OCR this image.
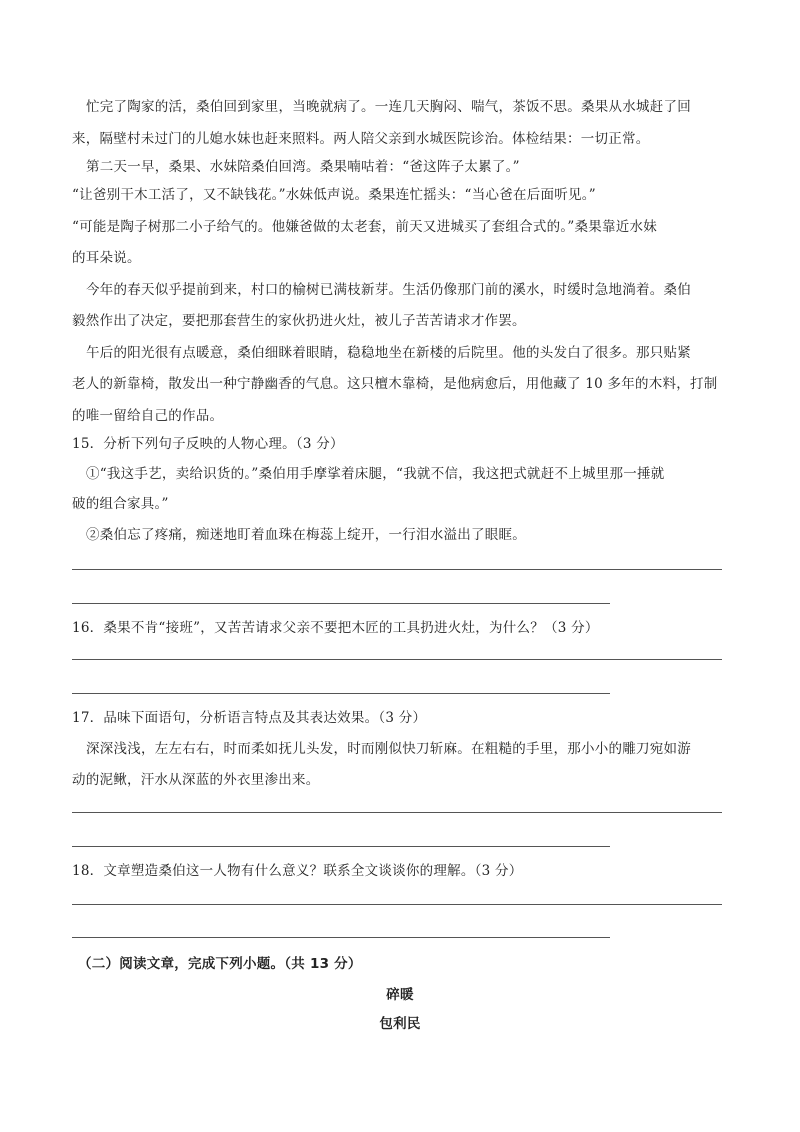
忙完了陶家的活，桑伯回到家里，当晚就病了。一连几天胸闷、喘气，茶饭不思。桑果从水城赶了回
来，隔壁村未过门的儿媳水妹也赶来照料。两人陪父亲到水城医院诊治。体检结果：一切正常。
第二天一早，桑果、水妹陪桑伯回湾。桑果喃咕着：“爸这阵子太累了。”
“让爸别干木工活了，又不缺钱花。”水妹低声说。桑果连忙摇头：“当心爸在后面听见。”
“可能是陶子树那二小子给气的。他嫌爸做的太老套，前天又进城买了套组合式的。”桑果靠近水妹
的耳朵说。
今年的春天似乎提前到来，村口的榆树已满枝新芽。生活仍像那门前的溪水，时缓时急地淌着。桑伯
毅然作出了决定，要把那套营生的家伙扔进火灶，被儿子苦苦请求才作罢。
午后的阳光很有点暖意，桑伯细眯着眼睛，稳稳地坐在新楼的后院里。他的头发白了很多。那只贴紧
老人的新靠椅，散发出一种宁静幽香的气息。这只檀木靠椅，是他病愈后，用他藏了 10 多年的木料，打制
的唯一留给自己的作品。
15．分析下列句子反映的人物心理。（3 分）
①“我这手艺，卖给识货的。”桑伯用手摩挲着床腿，“我就不信，我这把式就赶不上城里那一捶就
破的组合家具。”
②桑伯忘了疼痛，痴迷地盯着血珠在梅蕊上绽开，一行泪水溢出了眼眶。
16．桑果不肯“接班”，又苦苦请求父亲不要把木匠的工具扔进火灶，为什么？（3 分）
17．品味下面语句，分析语言特点及其表达效果。（3 分）
深深浅浅，左左右右，时而柔如抚儿头发，时而刚似快刀斩麻。在粗糙的手里，那小小的雕刀宛如游
动的泥鳅，汗水从深蓝的外衣里渗出来。
18．文章塑造桑伯这一人物有什么意义？联系全文谈谈你的理解。（3 分）
（二）阅读文章，完成下列小题。（共 13 分）
碎暖
包利民
